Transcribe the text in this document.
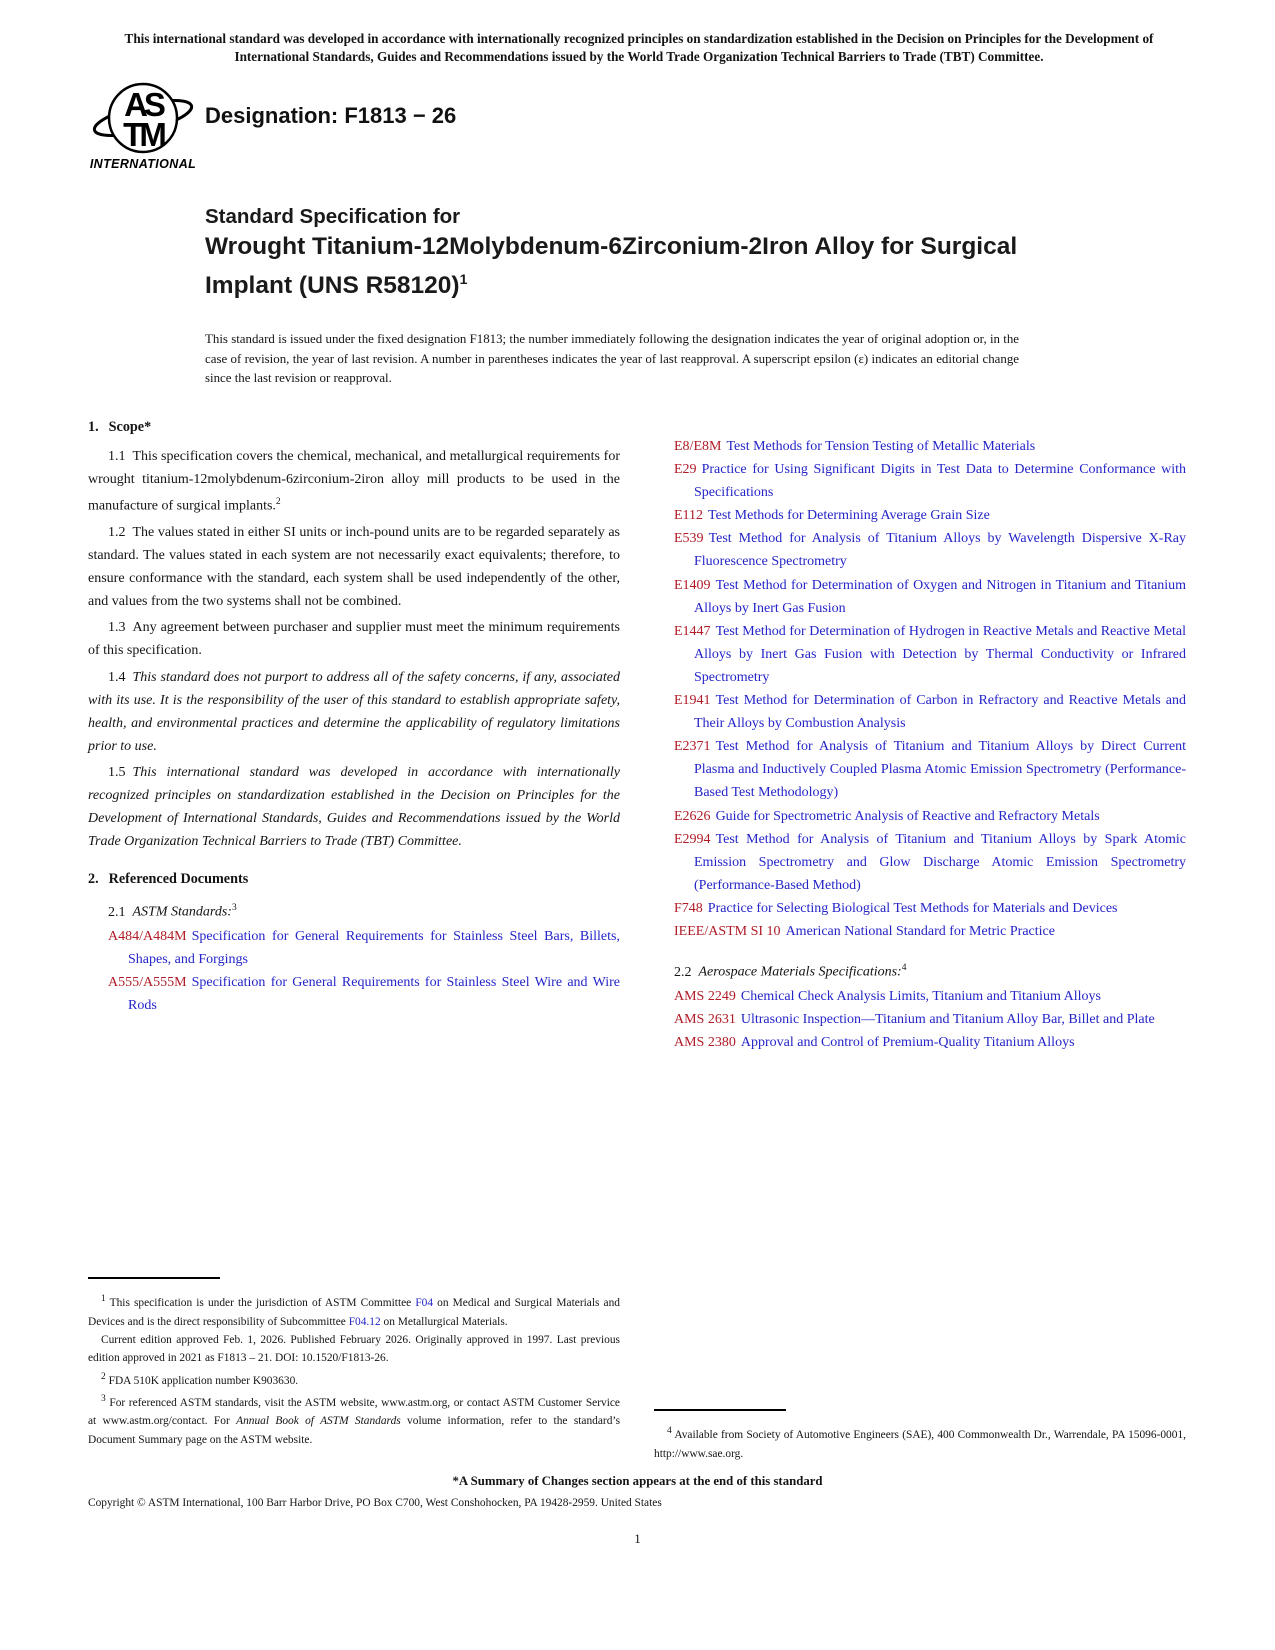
This international standard was developed in accordance with internationally recognized principles on standardization established in the Decision on Principles for the Development of International Standards, Guides and Recommendations issued by the World Trade Organization Technical Barriers to Trade (TBT) Committee.
AS
TM
INTERNATIONAL
Designation: F1813 − 26
Standard Specification for
Wrought Titanium-12Molybdenum-6Zirconium-2Iron Alloy for Surgical Implant (UNS R58120)$^1$
This standard is issued under the fixed designation F1813; the number immediately following the designation indicates the year of original adoption or, in the case of revision, the year of last revision. A number in parentheses indicates the year of last reapproval. A superscript epsilon (ε) indicates an editorial change since the last revision or reapproval.
1. Scope*

1.1 This specification covers the chemical, mechanical, and metallurgical requirements for wrought titanium-12molybdenum-6zirconium-2iron alloy mill products to be used in the manufacture of surgical implants.$^2$

1.2 The values stated in either SI units or inch-pound units are to be regarded separately as standard. The values stated in each system are not necessarily exact equivalents; therefore, to ensure conformance with the standard, each system shall be used independently of the other, and values from the two systems shall not be combined.

1.3 Any agreement between purchaser and supplier must meet the minimum requirements of this specification.

1.4 This standard does not purport to address all of the safety concerns, if any, associated with its use. It is the responsibility of the user of this standard to establish appropriate safety, health, and environmental practices and determine the applicability of regulatory limitations prior to use.

1.5 This international standard was developed in accordance with internationally recognized principles on standardization established in the Decision on Principles for the Development of International Standards, Guides and Recommendations issued by the World Trade Organization Technical Barriers to Trade (TBT) Committee.

2. Referenced Documents

2.1 ASTM Standards:$^3$

A484/A484M Specification for General Requirements for Stainless Steel Bars, Billets, Shapes, and Forgings

A555/A555M Specification for General Requirements for Stainless Steel Wire and Wire Rods

$^1$ This specification is under the jurisdiction of ASTM Committee F04 on Medical and Surgical Materials and Devices and is the direct responsibility of Subcommittee F04.12 on Metallurgical Materials.

Current edition approved Feb. 1, 2026. Published February 2026. Originally approved in 1997. Last previous edition approved in 2021 as F1813 – 21. DOI: 10.1520/F1813-26.

$^2$ FDA 510K application number K903630.

$^3$ For referenced ASTM standards, visit the ASTM website, www.astm.org, or contact ASTM Customer Service at www.astm.org/contact. For Annual Book of ASTM Standards volume information, refer to the standard’s Document Summary page on the ASTM website.

E8/E8M Test Methods for Tension Testing of Metallic Materials

E29 Practice for Using Significant Digits in Test Data to Determine Conformance with Specifications

E112 Test Methods for Determining Average Grain Size

E539 Test Method for Analysis of Titanium Alloys by Wavelength Dispersive X-Ray Fluorescence Spectrometry

E1409 Test Method for Determination of Oxygen and Nitrogen in Titanium and Titanium Alloys by Inert Gas Fusion

E1447 Test Method for Determination of Hydrogen in Reactive Metals and Reactive Metal Alloys by Inert Gas Fusion with Detection by Thermal Conductivity or Infrared Spectrometry

E1941 Test Method for Determination of Carbon in Refractory and Reactive Metals and Their Alloys by Combustion Analysis

E2371 Test Method for Analysis of Titanium and Titanium Alloys by Direct Current Plasma and Inductively Coupled Plasma Atomic Emission Spectrometry (Performance-Based Test Methodology)

E2626 Guide for Spectrometric Analysis of Reactive and Refractory Metals

E2994 Test Method for Analysis of Titanium and Titanium Alloys by Spark Atomic Emission Spectrometry and Glow Discharge Atomic Emission Spectrometry (Performance-Based Method)

F748 Practice for Selecting Biological Test Methods for Materials and Devices

IEEE/ASTM SI 10 American National Standard for Metric Practice

2.2 Aerospace Materials Specifications:$^4$

AMS 2249 Chemical Check Analysis Limits, Titanium and Titanium Alloys

AMS 2631 Ultrasonic Inspection—Titanium and Titanium Alloy Bar, Billet and Plate

AMS 2380 Approval and Control of Premium-Quality Titanium Alloys

$^4$ Available from Society of Automotive Engineers (SAE), 400 Commonwealth Dr., Warrendale, PA 15096-0001, http://www.sae.org.

*A Summary of Changes section appears at the end of this standard
Copyright © ASTM International, 100 Barr Harbor Drive, PO Box C700, West Conshohocken, PA 19428-2959. United States
1
